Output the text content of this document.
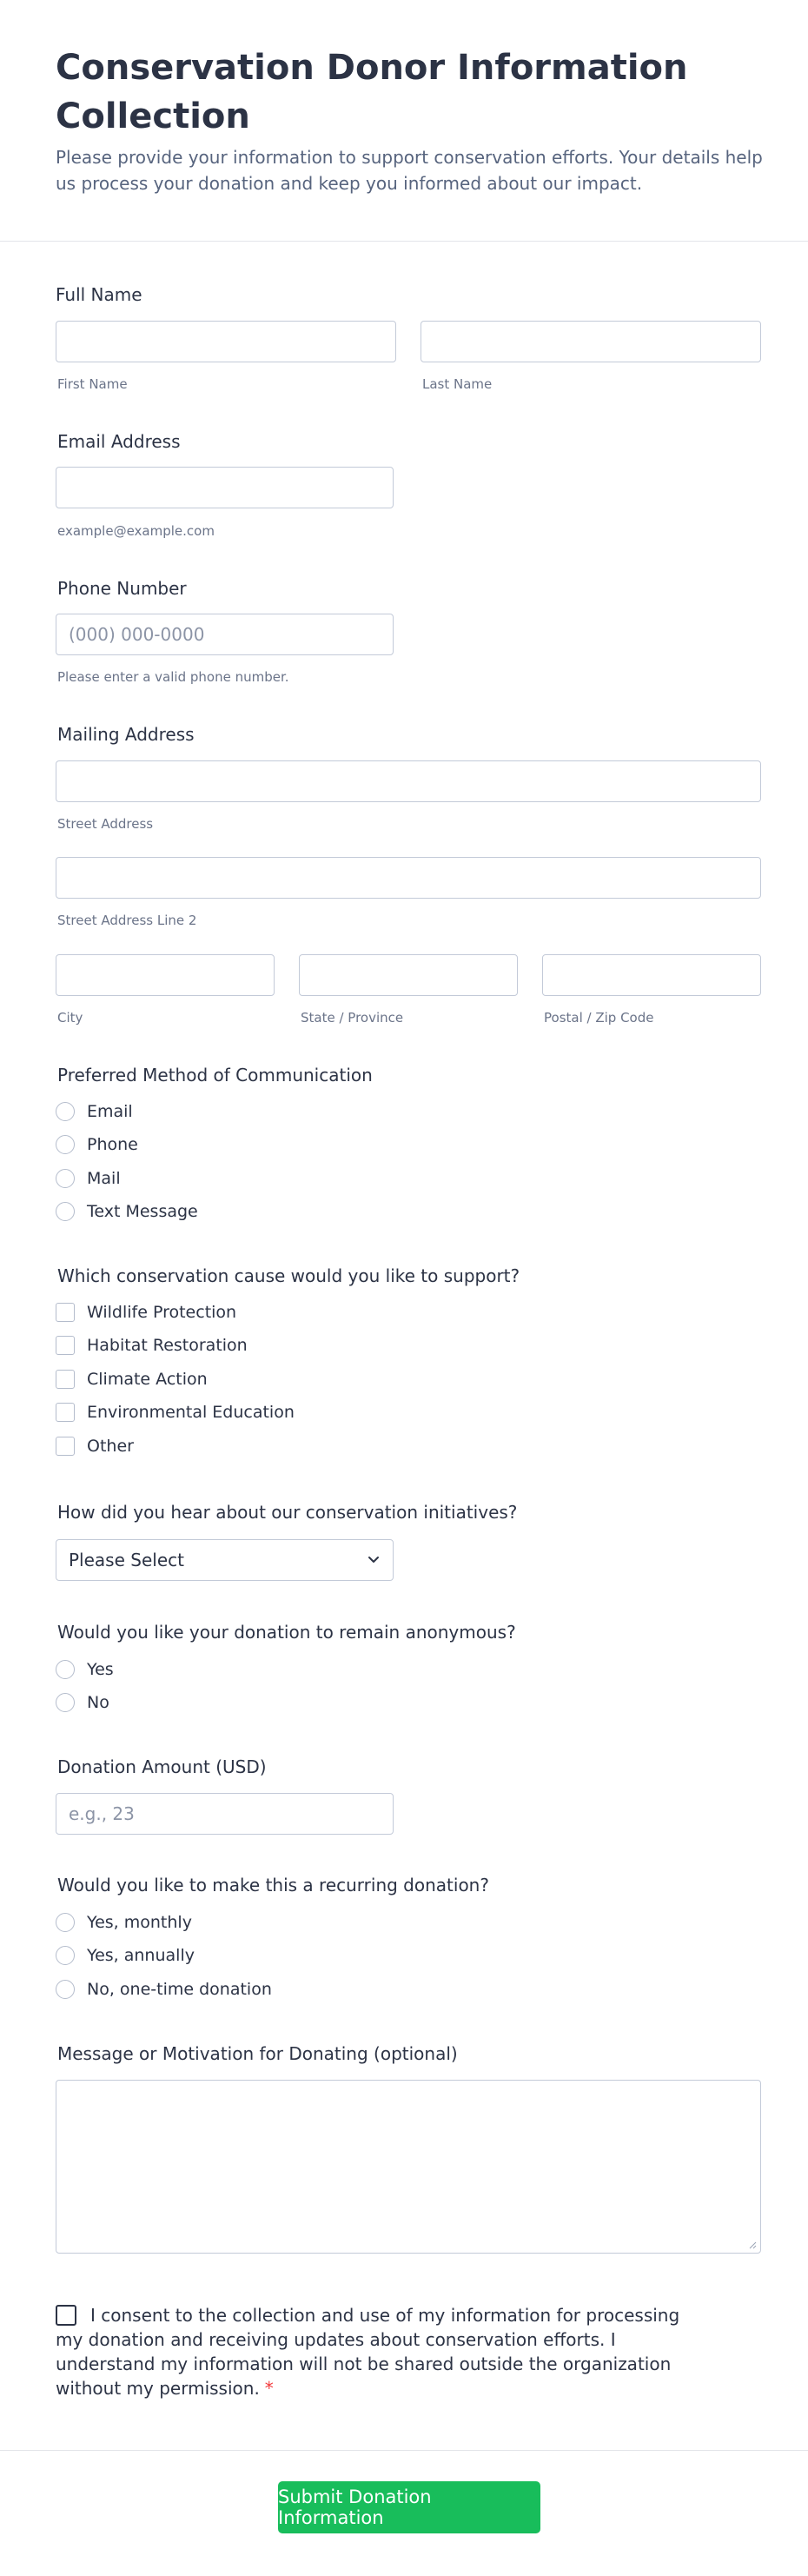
Conservation Donor Information Collection

Please provide your information to support conservation efforts. Your details help us process your donation and keep you informed about our impact.

Full Name
First Name	Last Name
Email Address
example@example.com
Phone Number
(000) 000-0000
Please enter a valid phone number.
Mailing Address
Street Address
Street Address Line 2
City	State / Province	Postal / Zip Code
Preferred Method of Communication
Email
Phone
Mail
Text Message
Which conservation cause would you like to support?
Wildlife Protection
Habitat Restoration
Climate Action
Environmental Education
Other
How did you hear about our conservation initiatives?
Please Select
Would you like your donation to remain anonymous?
Yes
No
Donation Amount (USD)
e.g., 23
Would you like to make this a recurring donation?
Yes, monthly
Yes, annually
No, one-time donation
Message or Motivation for Donating (optional)
I consent to the collection and use of my information for processing my donation and receiving updates about conservation efforts. I understand my information will not be shared outside the organization without my permission. *
Submit Donation Information
